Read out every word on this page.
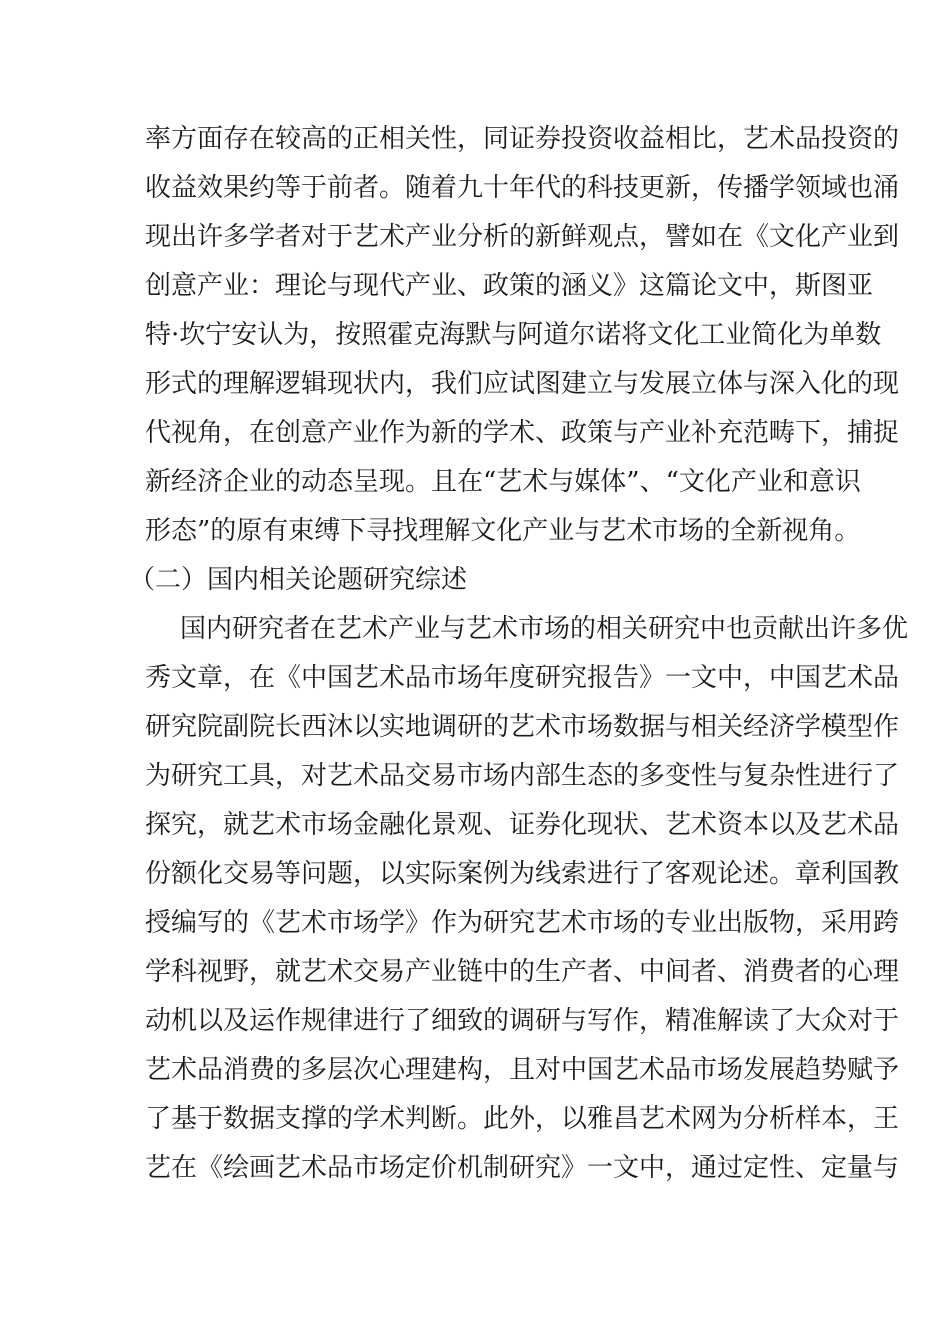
率方面存在较高的正相关性，同证券投资收益相比，艺术品投资的
收益效果约等于前者。随着九十年代的科技更新，传播学领域也涌
现出许多学者对于艺术产业分析的新鲜观点，譬如在《文化产业到
创意产业：理论与现代产业、政策的涵义》这篇论文中，斯图亚
特·坎宁安认为，按照霍克海默与阿道尔诺将文化工业简化为单数
形式的理解逻辑现状内，我们应试图建立与发展立体与深入化的现
代视角，在创意产业作为新的学术、政策与产业补充范畴下，捕捉
新经济企业的动态呈现。且在“艺术与媒体”、“文化产业和意识
形态”的原有束缚下寻找理解文化产业与艺术市场的全新视角。
（二）国内相关论题研究综述
国内研究者在艺术产业与艺术市场的相关研究中也贡献出许多优
秀文章，在《中国艺术品市场年度研究报告》一文中，中国艺术品
研究院副院长西沐以实地调研的艺术市场数据与相关经济学模型作
为研究工具，对艺术品交易市场内部生态的多变性与复杂性进行了
探究，就艺术市场金融化景观、证券化现状、艺术资本以及艺术品
份额化交易等问题，以实际案例为线索进行了客观论述。章利国教
授编写的《艺术市场学》作为研究艺术市场的专业出版物，采用跨
学科视野，就艺术交易产业链中的生产者、中间者、消费者的心理
动机以及运作规律进行了细致的调研与写作，精准解读了大众对于
艺术品消费的多层次心理建构，且对中国艺术品市场发展趋势赋予
了基于数据支撑的学术判断。此外，以雅昌艺术网为分析样本，王
艺在《绘画艺术品市场定价机制研究》一文中，通过定性、定量与
